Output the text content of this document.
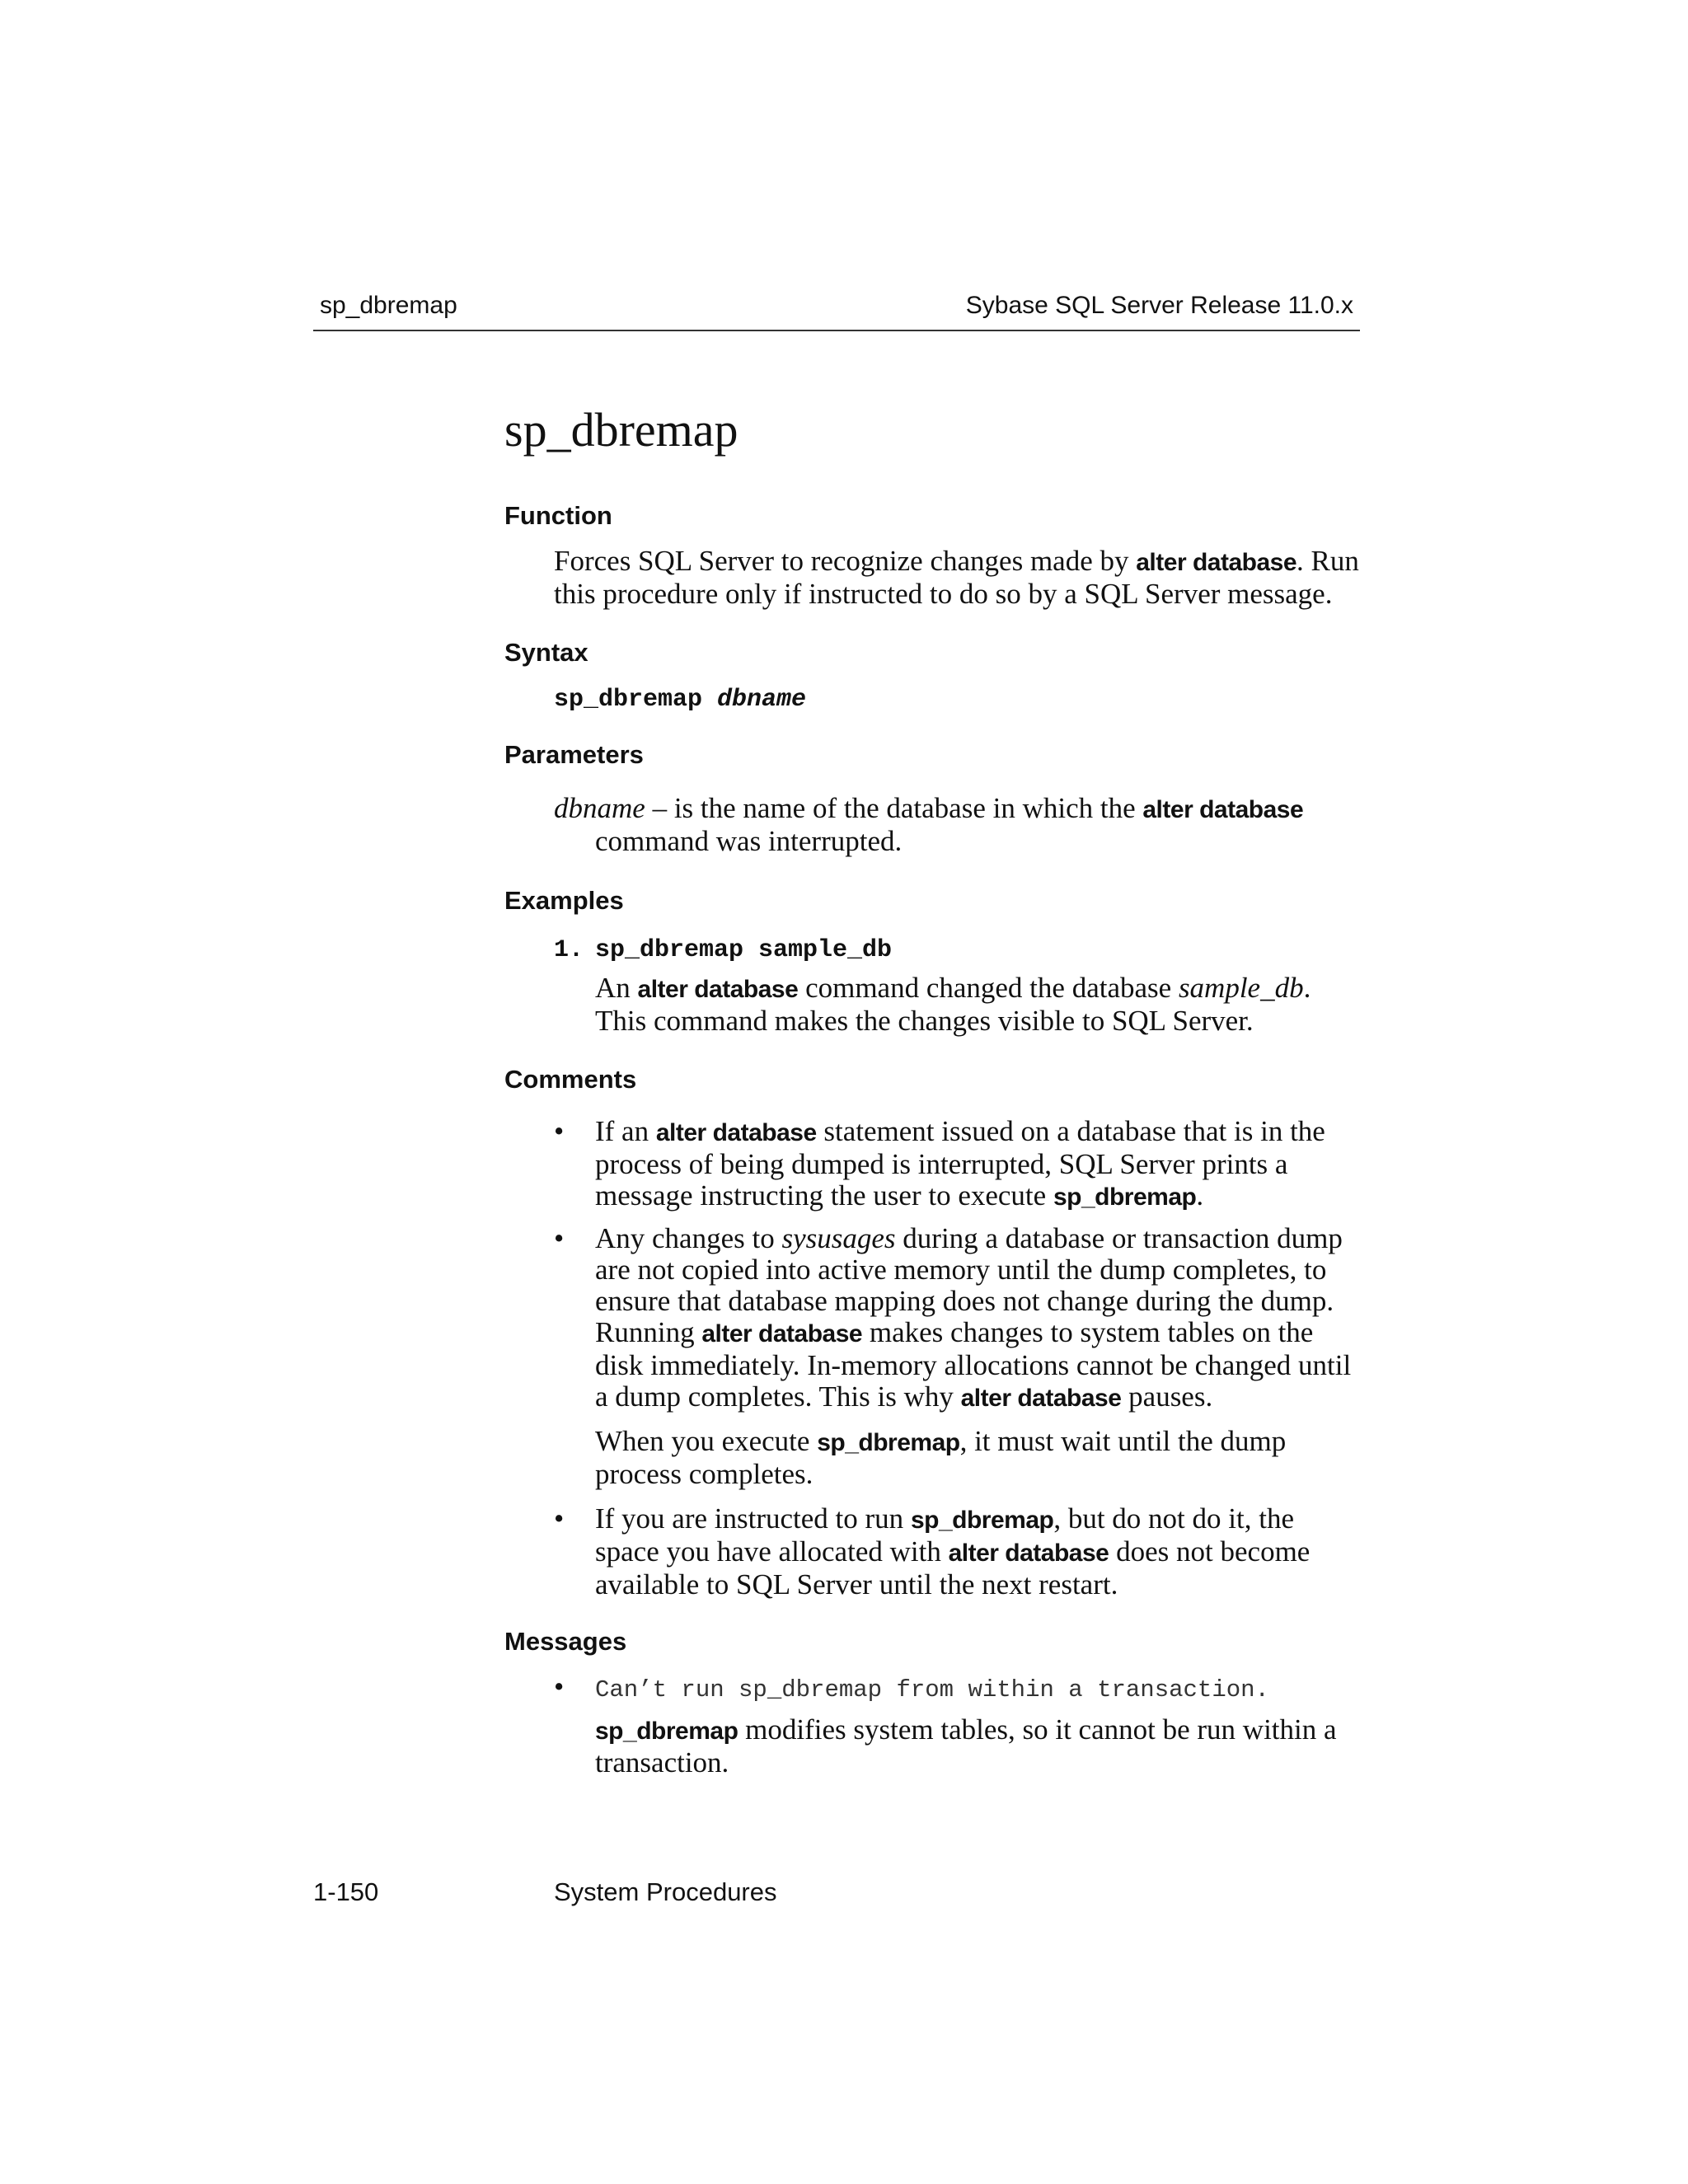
sp_dbremap	Sybase SQL Server Release 11.0.x
sp_dbremap
Function
Forces SQL Server to recognize changes made by alter database. Run this procedure only if instructed to do so by a SQL Server message.
Syntax
sp_dbremap dbname
Parameters
dbname – is the name of the database in which the alter database command was interrupted.
Examples
1. sp_dbremap sample_db
An alter database command changed the database sample_db. This command makes the changes visible to SQL Server.
Comments
• If an alter database statement issued on a database that is in the process of being dumped is interrupted, SQL Server prints a message instructing the user to execute sp_dbremap.
• Any changes to sysusages during a database or transaction dump are not copied into active memory until the dump completes, to ensure that database mapping does not change during the dump. Running alter database makes changes to system tables on the disk immediately. In-memory allocations cannot be changed until a dump completes. This is why alter database pauses.
When you execute sp_dbremap, it must wait until the dump process completes.
• If you are instructed to run sp_dbremap, but do not do it, the space you have allocated with alter database does not become available to SQL Server until the next restart.
Messages
• Can’t run sp_dbremap from within a transaction.
sp_dbremap modifies system tables, so it cannot be run within a transaction.
1-150	System Procedures
